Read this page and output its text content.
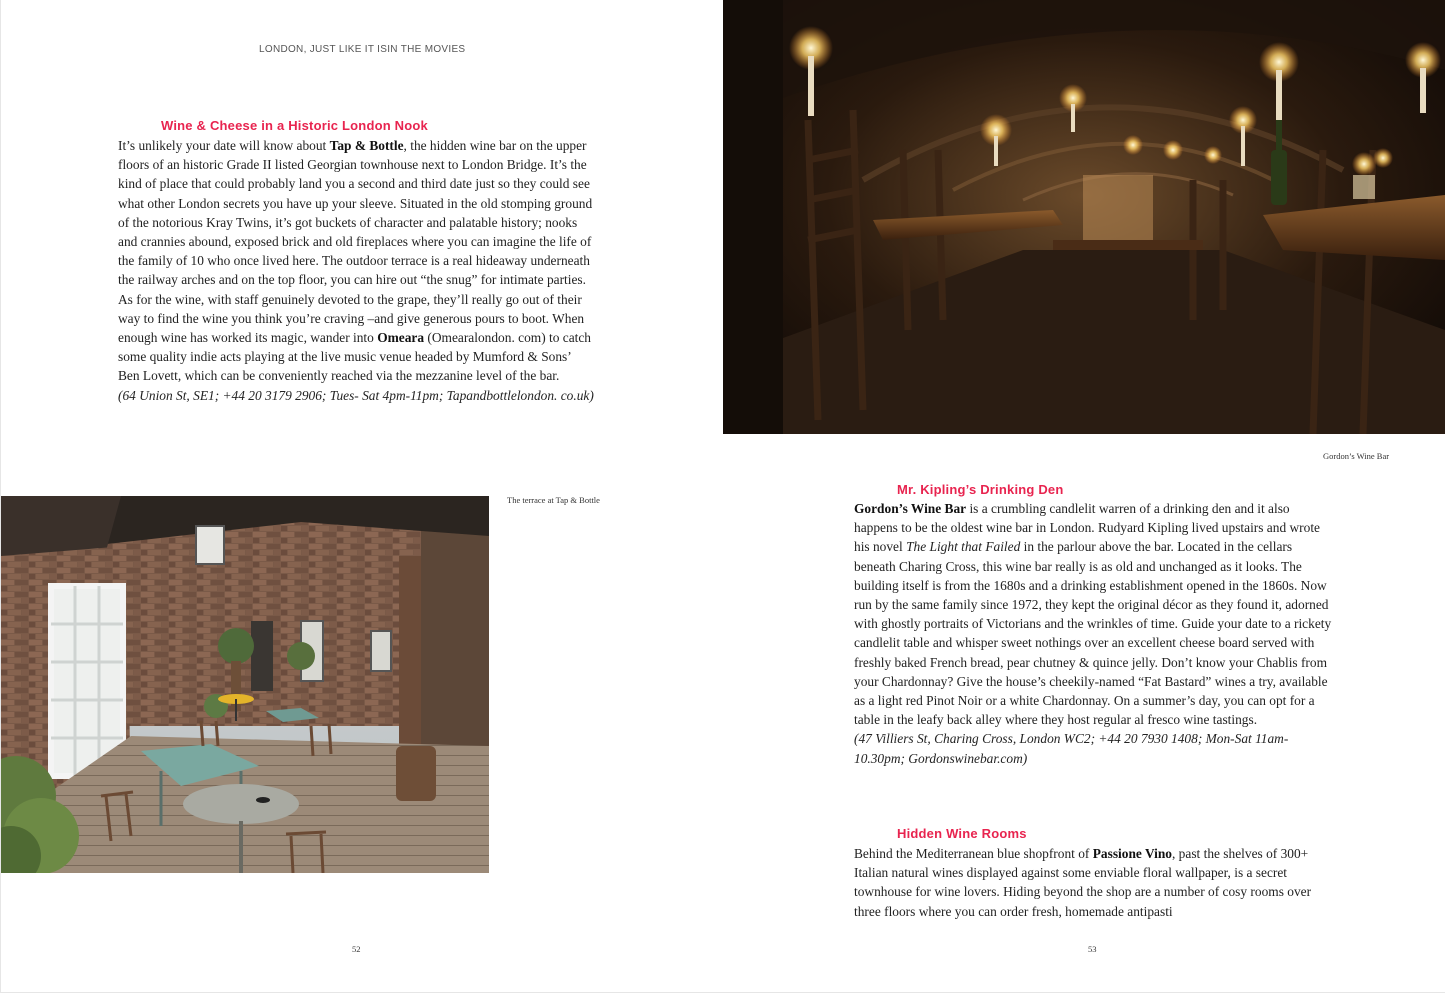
LONDON, JUST LIKE IT ISIN THE MOVIES
Wine & Cheese in a Historic London Nook

It’s unlikely your date will know about Tap & Bottle, the hidden wine bar on the upper floors of an historic Grade II listed Georgian townhouse next to London Bridge. It’s the kind of place that could probably land you a second and third date just so they could see what other London secrets you have up your sleeve. Situated in the old stomping ground of the notorious Kray Twins, it’s got buckets of character and palatable history; nooks and crannies abound, exposed brick and old fireplaces where you can imagine the life of the family of 10 who once lived here. The outdoor terrace is a real hideaway underneath the railway arches and on the top floor, you can hire out “the snug” for intimate parties. As for the wine, with staff genuinely devoted to the grape, they’ll really go out of their way to find the wine you think you’re craving –and give generous pours to boot. When enough wine has worked its magic, wander into Omeara (Omearalondon. com) to catch some quality indie acts playing at the live music venue headed by Mumford & Sons’ Ben Lovett, which can be conveniently reached via the mezzanine level of the bar.

(64 Union St, SE1; +44 20 3179 2906; Tues- Sat 4pm-11pm; Tapandbottlelondon. co.uk)

The terrace at Tap & Bottle
52
Gordon’s Wine Bar
Mr. Kipling’s Drinking Den

Gordon’s Wine Bar is a crumbling candlelit warren of a drinking den and it also happens to be the oldest wine bar in London. Rudyard Kipling lived upstairs and wrote his novel The Light that Failed in the parlour above the bar. Located in the cellars beneath Charing Cross, this wine bar really is as old and unchanged as it looks. The building itself is from the 1680s and a drinking establishment opened in the 1860s. Now run by the same family since 1972, they kept the original décor as they found it, adorned with ghostly portraits of Victorians and the wrinkles of time. Guide your date to a rickety candlelit table and whisper sweet nothings over an excellent cheese board served with freshly baked French bread, pear chutney & quince jelly. Don’t know your Chablis from your Chardonnay? Give the house’s cheekily-named “Fat Bastard” wines a try, available as a light red Pinot Noir or a white Chardonnay. On a summer’s day, you can opt for a table in the leafy back alley where they host regular al fresco wine tastings.

(47 Villiers St, Charing Cross, London WC2; +44 20 7930 1408; Mon-Sat 11am-10.30pm; Gordonswinebar.com)

Hidden Wine Rooms

Behind the Mediterranean blue shopfront of Passione Vino, past the shelves of 300+ Italian natural wines displayed against some enviable floral wallpaper, is a secret townhouse for wine lovers. Hiding beyond the shop are a number of cosy rooms over three floors where you can order fresh, homemade antipasti

53
